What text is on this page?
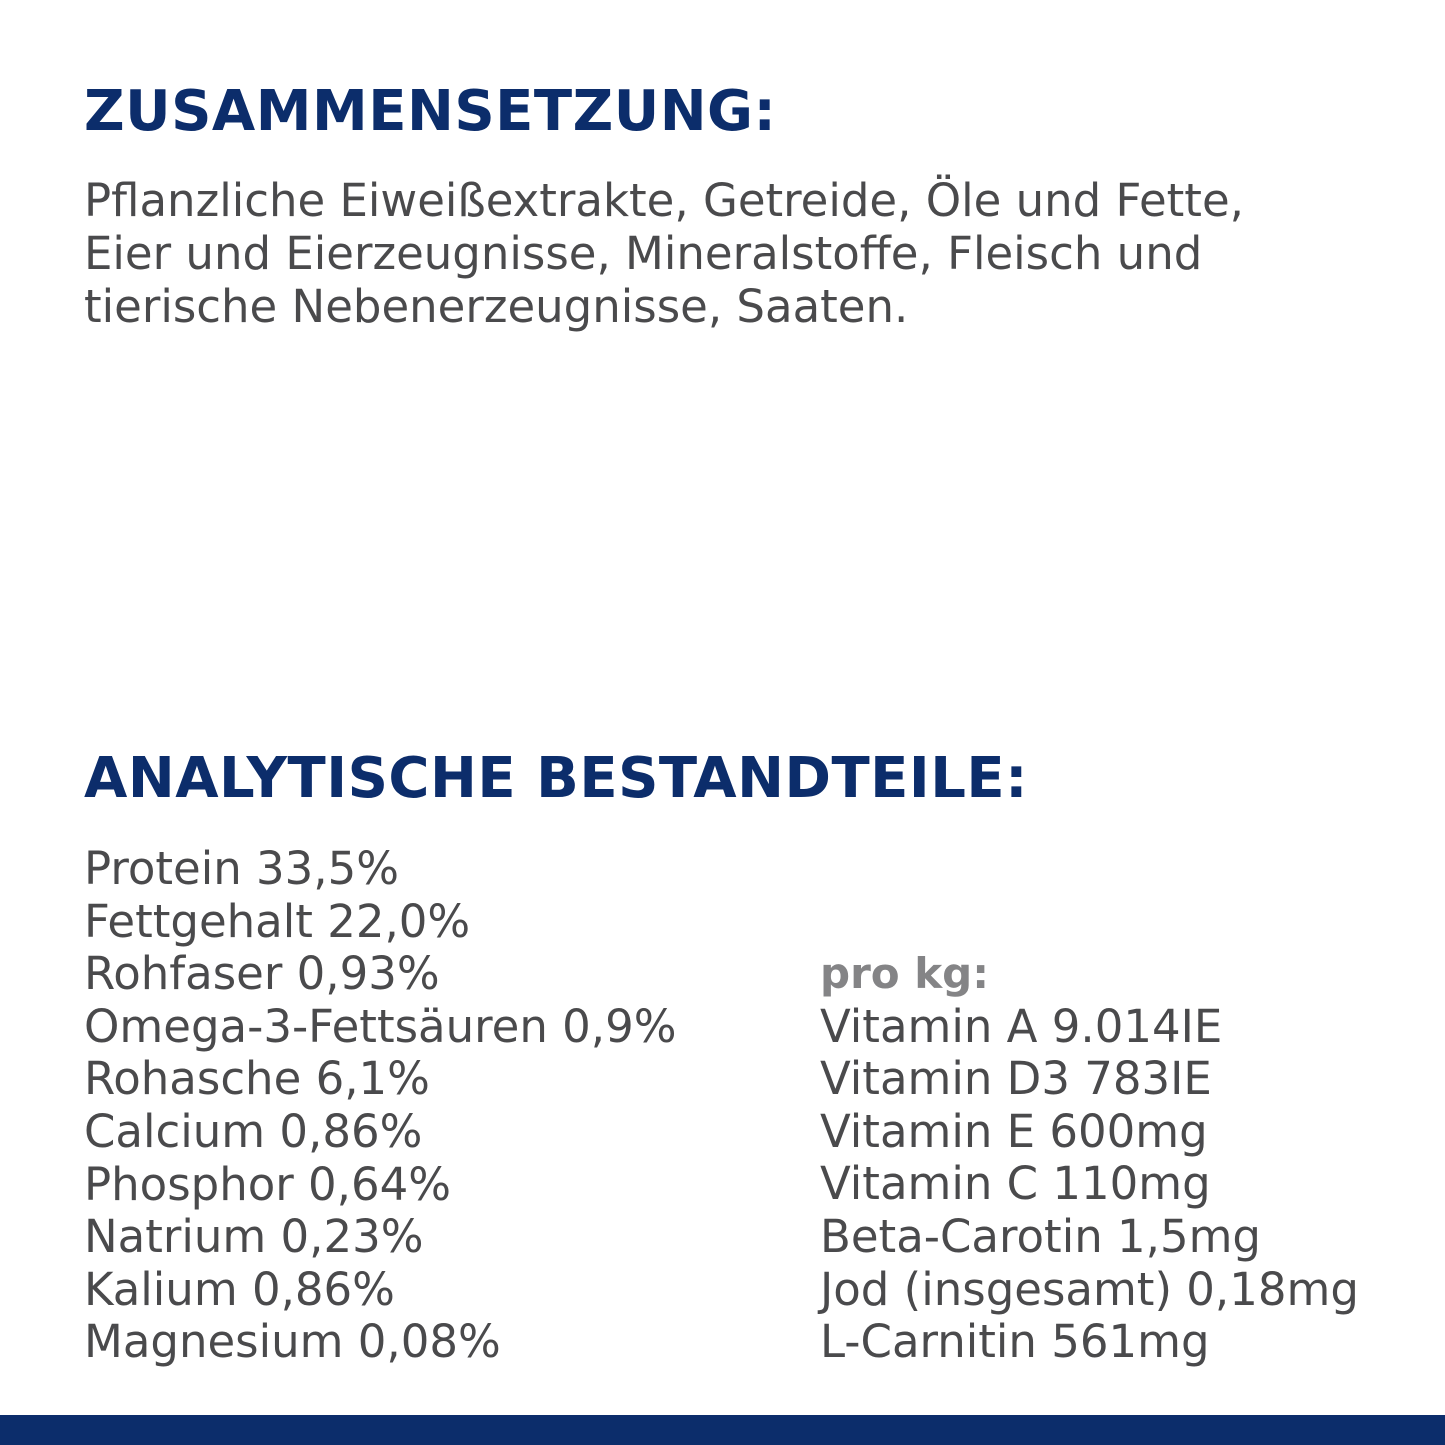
ZUSAMMENSETZUNG:

Pflanzliche Eiweißextrakte, Getreide, Öle und Fette,
Eier und Eierzeugnisse, Mineralstoffe, Fleisch und
tierische Nebenerzeugnisse, Saaten.

ANALYTISCHE BESTANDTEILE:
Protein 33,5%
Fettgehalt 22,0%
Rohfaser 0,93%
Omega-3-Fettsäuren 0,9%
Rohasche 6,1%
Calcium 0,86%
Phosphor 0,64%
Natrium 0,23%
Kalium 0,86%
Magnesium 0,08%
pro kg:
Vitamin A 9.014IE
Vitamin D3 783IE
Vitamin E 600mg
Vitamin C 110mg
Beta-Carotin 1,5mg
Jod (insgesamt) 0,18mg
L-Carnitin 561mg
